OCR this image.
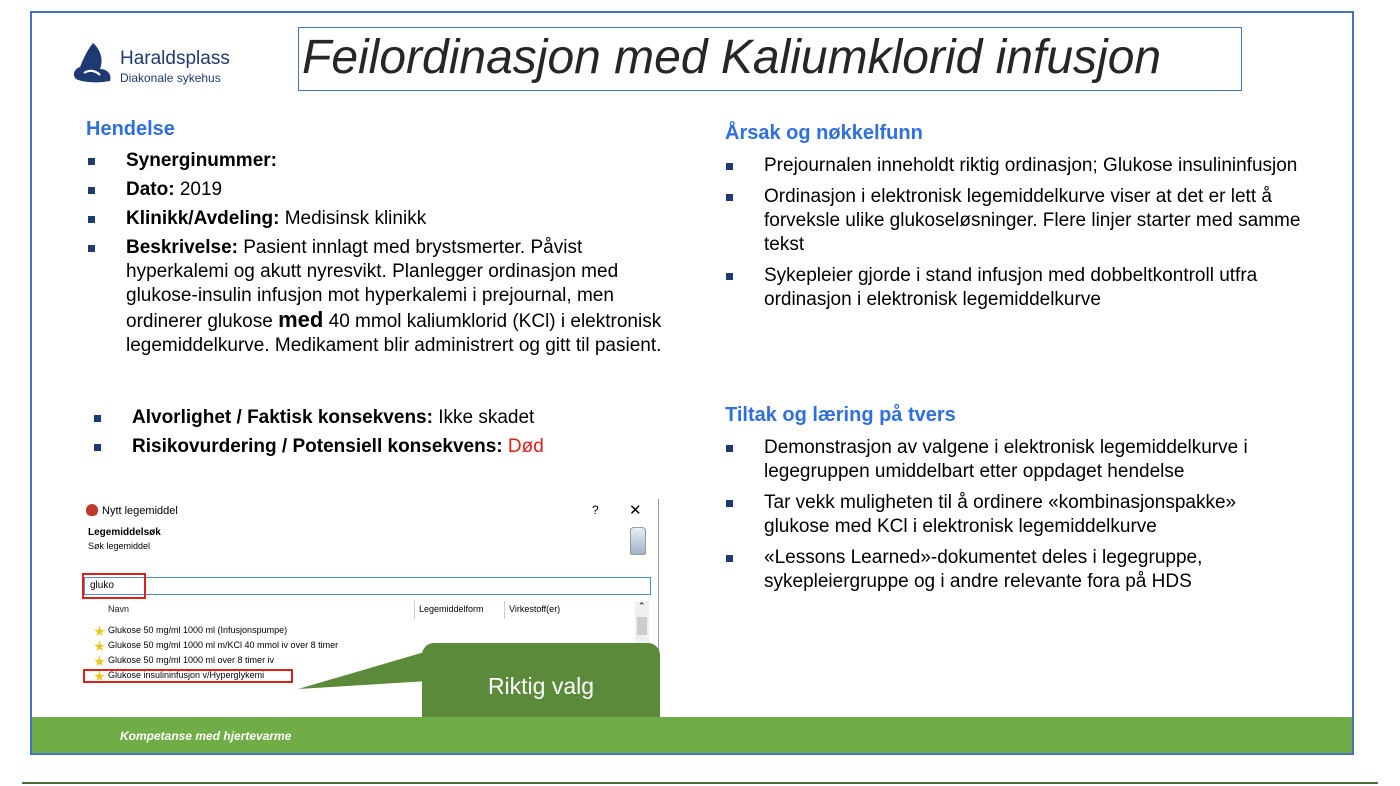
Haraldsplass
Diakonale sykehus Feilordinasjon med Kaliumklorid infusjon
Hendelse
Synerginummer:
Dato: 2019
Klinikk/Avdeling: Medisinsk klinikk
Beskrivelse: Pasient innlagt med brystsmerter. Påvist hyperkalemi og akutt nyresvikt. Planlegger ordinasjon med glukose-insulin infusjon mot hyperkalemi i prejournal, men ordinerer glukose med 40 mmol kaliumklorid (KCl) i elektronisk legemiddelkurve. Medikament blir administrert og gitt til pasient.
Alvorlighet / Faktisk konsekvens: Ikke skadet
Risikovurdering / Potensiell konsekvens: Død
Nytt legemiddel	? ✕
Legemiddelsøk
Søk legemiddel
gluko
Navn	Legemiddelform	Virkestoff(er)
Glukose 50 mg/ml 1000 ml (Infusjonspumpe)
Glukose 50 mg/ml 1000 ml m/KCl 40 mmol iv over 8 timer
Glukose 50 mg/ml 1000 ml over 8 timer iv
Glukose insulininfusjon v/Hyperglykemi
⌃
Riktig valg
Årsak og nøkkelfunn
Prejournalen inneholdt riktig ordinasjon; Glukose insulininfusjon
Ordinasjon i elektronisk legemiddelkurve viser at det er lett å forveksle ulike glukoseløsninger. Flere linjer starter med samme tekst
Sykepleier gjorde i stand infusjon med dobbeltkontroll utfra ordinasjon i elektronisk legemiddelkurve
Tiltak og læring på tvers
Demonstrasjon av valgene i elektronisk legemiddelkurve i legegruppen umiddelbart etter oppdaget hendelse
Tar vekk muligheten til å ordinere «kombinasjonspakke» glukose med KCl i elektronisk legemiddelkurve
«Lessons Learned»-dokumentet deles i legegruppe, sykepleiergruppe og i andre relevante fora på HDS
Kompetanse med hjertevarme
